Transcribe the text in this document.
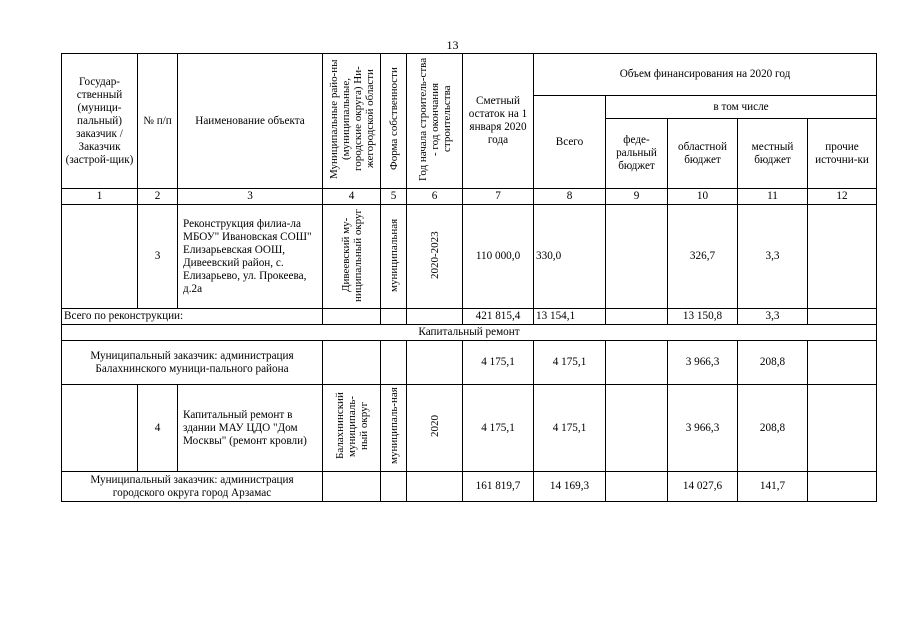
13
Государ-ственный (муници-пальный) заказчик / Заказчик (застрой-щик)	№ п/п	Наименование объекта	Муниципальные райо-ны (муниципальные, городские округа) Ни-жегородской области	Форма собственности	Год начала строитель-ства - год окончания строительства	Сметный остаток на 1 января 2020 года	Объем финансирования на 2020 год				
							Всего	в том числе			
								феде-ральный бюджет	областной бюджет	местный бюджет	прочие источни-ки
1	2	3	4	5	6	7	8	9	10	11	12
	3	Реконструкция филиа-ла МБОУ" Ивановская СОШ" Елизарьевская ООШ, Дивеевский район, с. Елизарьево, ул. Прокеева, д.2а	Дивеевский му-ниципальный округ	муниципальная	2020-2023	110 000,0	330,0		326,7	3,3	
Всего по реконструкции:						421 815,4	13 154,1		13 150,8	3,3	
Капитальный ремонт											
Муниципальный заказчик: администрация Балахнинского муници-пального района						4 175,1	4 175,1		3 966,3	208,8	
	4	Капитальный ремонт в здании МАУ ЦДО "Дом Москвы" (ремонт кровли)	Балахнинский муниципаль-ный округ	муниципаль-ная	2020	4 175,1	4 175,1		3 966,3	208,8	
Муниципальный заказчик: администрация городского округа город Арзамас						161 819,7	14 169,3		14 027,6	141,7	
